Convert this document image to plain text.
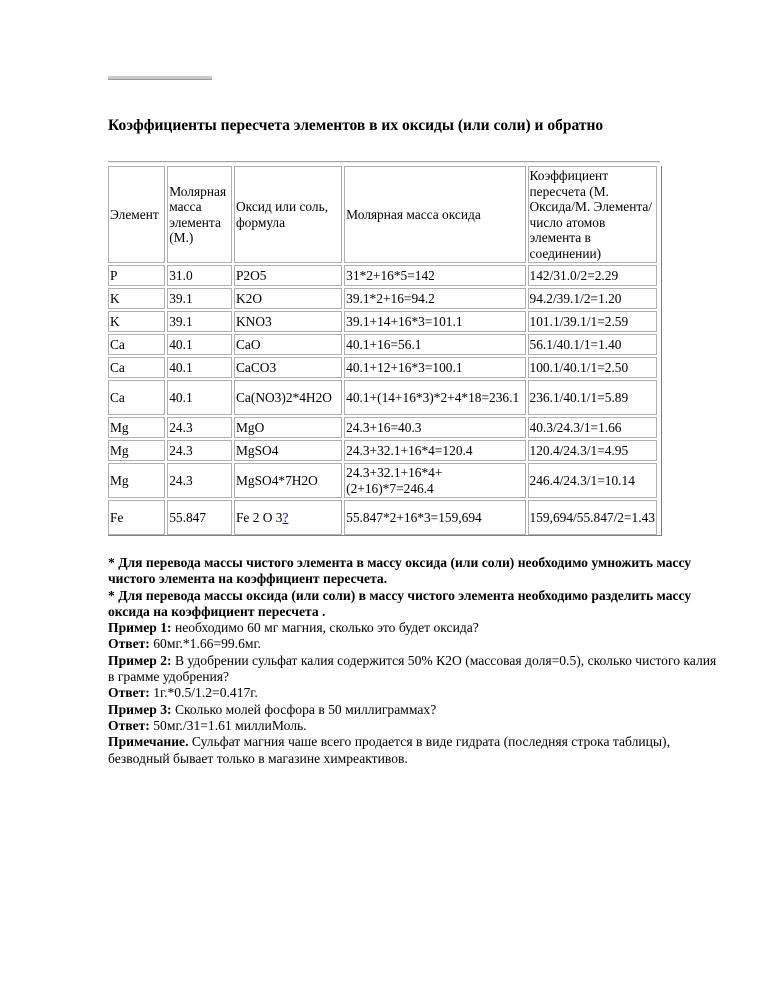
Коэффициенты пересчета элементов в их оксиды (или соли) и обратно
Элемент	Молярная масса элемента (М.)	Оксид или соль, формула	Молярная масса оксида	Коэффициент пересчета (М. Оксида/М. Элемента/число атомов элемента в соединении)
P	31.0	P2O5	31*2+16*5=142	142/31.0/2=2.29
K	39.1	K2O	39.1*2+16=94.2	94.2/39.1/2=1.20
K	39.1	KNO3	39.1+14+16*3=101.1	101.1/39.1/1=2.59
Ca	40.1	CaO	40.1+16=56.1	56.1/40.1/1=1.40
Ca	40.1	CaCO3	40.1+12+16*3=100.1	100.1/40.1/1=2.50
Ca	40.1	Ca(NO3)2*4H2O	40.1+(14+16*3)*2+4*18=236.1	236.1/40.1/1=5.89
Mg	24.3	MgO	24.3+16=40.3	40.3/24.3/1=1.66
Mg	24.3	MgSO4	24.3+32.1+16*4=120.4	120.4/24.3/1=4.95
Mg	24.3	MgSO4*7H2O	24.3+32.1+16*4+(2+16)*7=246.4	246.4/24.3/1=10.14
Fe	55.847	Fe 2 O 3?	55.847*2+16*3=159,694	159,694/55.847/2=1.43

* Для перевода массы чистого элемента в массу оксида (или соли) необходимо умножить массу чистого элемента на коэффициент пересчета.

* Для перевода массы оксида (или соли) в массу чистого элемента необходимо разделить массу оксида на коэффициент пересчета .

Пример 1: необходимо 60 мг магния, сколько это будет оксида?

Ответ: 60мг.*1.66=99.6мг.

Пример 2: В удобрении сульфат калия содержится 50% К2О (массовая доля=0.5), сколько чистого калия в грамме удобрения?

Ответ: 1г.*0.5/1.2=0.417г.

Пример 3: Сколько молей фосфора в 50 миллиграммах?

Ответ: 50мг./31=1.61 миллиМоль.

Примечание. Сульфат магния чаше всего продается в виде гидрата (последняя строка таблицы), безводный бывает только в магазине химреактивов.
